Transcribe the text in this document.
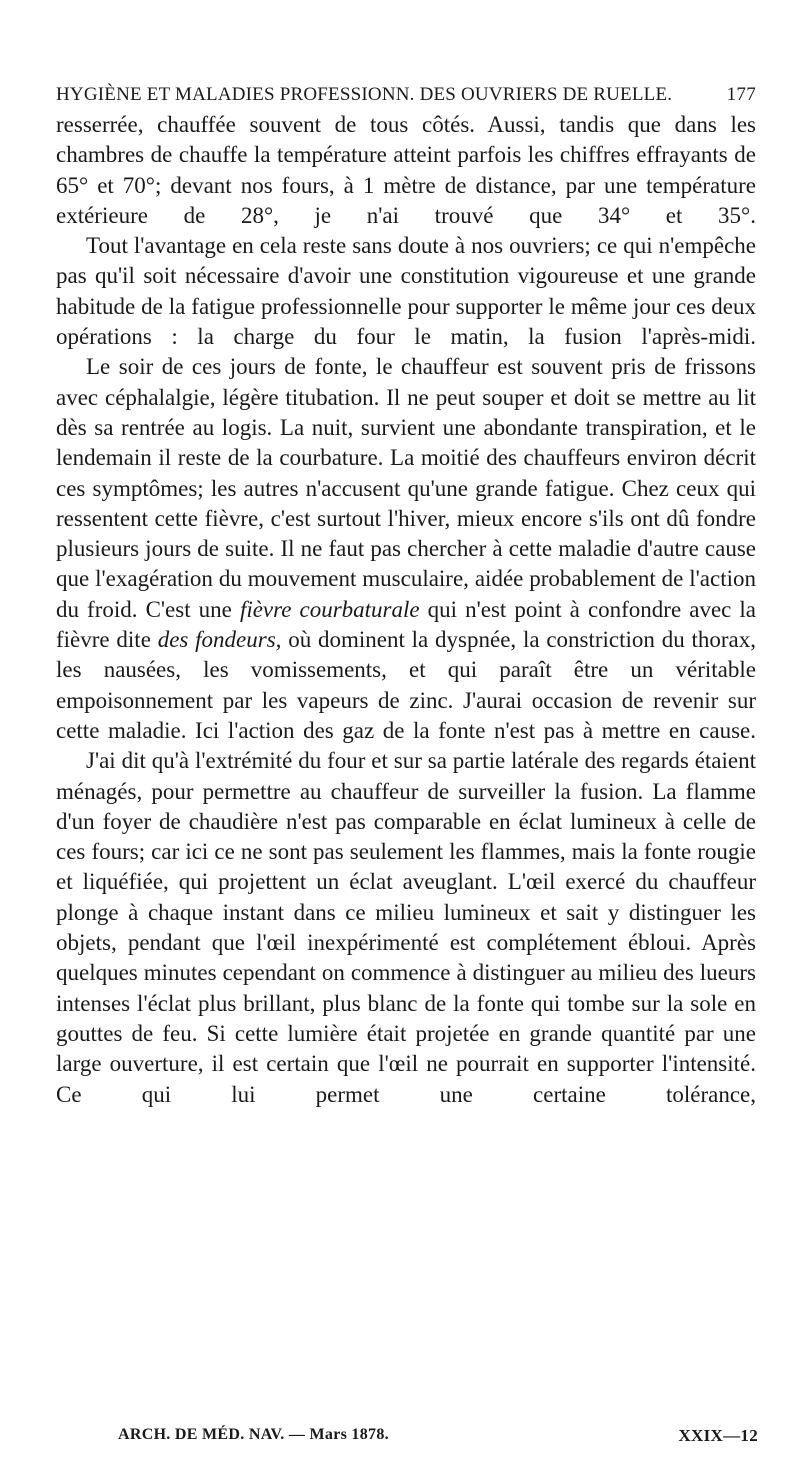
HYGIÈNE ET MALADIES PROFESSIONN. DES OUVRIERS DE RUELLE.	177

resserrée, chauffée souvent de tous côtés. Aussi, tandis que dans les chambres de chauffe la température atteint parfois les chiffres effrayants de 65° et 70°; devant nos fours, à 1 mètre de distance, par une température extérieure de 28°, je n'ai trouvé que 34° et 35°.

Tout l'avantage en cela reste sans doute à nos ouvriers; ce qui n'empêche pas qu'il soit nécessaire d'avoir une constitution vigoureuse et une grande habitude de la fatigue professionnelle pour supporter le même jour ces deux opérations : la charge du four le matin, la fusion l'après-midi.

Le soir de ces jours de fonte, le chauffeur est souvent pris de frissons avec céphalalgie, légère titubation. Il ne peut souper et doit se mettre au lit dès sa rentrée au logis. La nuit, survient une abondante transpiration, et le lendemain il reste de la courbature. La moitié des chauffeurs environ décrit ces symptômes; les autres n'accusent qu'une grande fatigue. Chez ceux qui ressentent cette fièvre, c'est surtout l'hiver, mieux encore s'ils ont dû fondre plusieurs jours de suite. Il ne faut pas chercher à cette maladie d'autre cause que l'exagération du mouvement musculaire, aidée probablement de l'action du froid. C'est une fièvre courbaturale qui n'est point à confondre avec la fièvre dite des fondeurs, où dominent la dyspnée, la constriction du thorax, les nausées, les vomissements, et qui paraît être un véritable empoisonnement par les vapeurs de zinc. J'aurai occasion de revenir sur cette maladie. Ici l'action des gaz de la fonte n'est pas à mettre en cause.

J'ai dit qu'à l'extrémité du four et sur sa partie latérale des regards étaient ménagés, pour permettre au chauffeur de surveiller la fusion. La flamme d'un foyer de chaudière n'est pas comparable en éclat lumineux à celle de ces fours; car ici ce ne sont pas seulement les flammes, mais la fonte rougie et liquéfiée, qui projettent un éclat aveuglant. L'œil exercé du chauffeur plonge à chaque instant dans ce milieu lumineux et sait y distinguer les objets, pendant que l'œil inexpérimenté est complétement ébloui. Après quelques minutes cependant on commence à distinguer au milieu des lueurs intenses l'éclat plus brillant, plus blanc de la fonte qui tombe sur la sole en gouttes de feu. Si cette lumière était projetée en grande quantité par une large ouverture, il est certain que l'œil ne pourrait en supporter l'intensité. Ce qui lui permet une certaine tolérance,

ARCH. DE MÉD. NAV. — Mars 1878.	XXIX—12
